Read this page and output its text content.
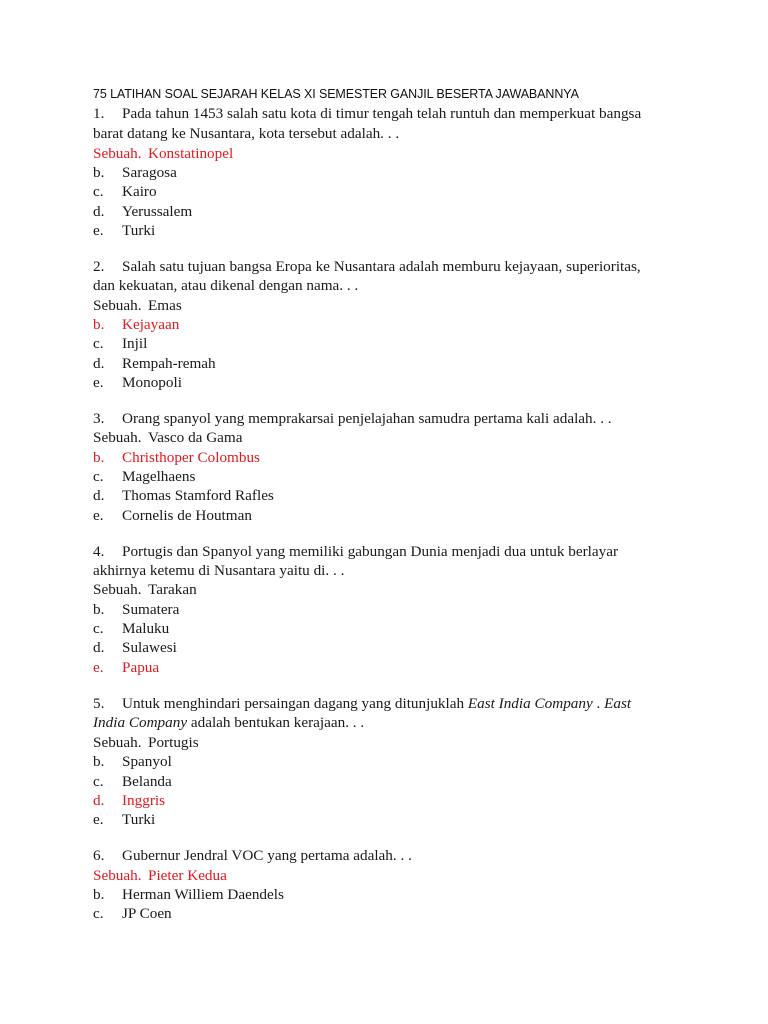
75 LATIHAN SOAL SEJARAH KELAS XI SEMESTER GANJIL BESERTA JAWABANNYA
1. Pada tahun 1453 salah satu kota di timur tengah telah runtuh dan memperkuat bangsa
barat datang ke Nusantara, kota tersebut adalah. . .
Sebuah. Konstatinopel
b. Saragosa
c. Kairo
d. Yerussalem
e. Turki
2. Salah satu tujuan bangsa Eropa ke Nusantara adalah memburu kejayaan, superioritas,
dan kekuatan, atau dikenal dengan nama. . .
Sebuah. Emas
b. Kejayaan
c. Injil
d. Rempah-remah
e. Monopoli
3. Orang spanyol yang memprakarsai penjelajahan samudra pertama kali adalah. . .
Sebuah. Vasco da Gama
b. Christhoper Colombus
c. Magelhaens
d. Thomas Stamford Rafles
e. Cornelis de Houtman
4. Portugis dan Spanyol yang memiliki gabungan Dunia menjadi dua untuk berlayar
akhirnya ketemu di Nusantara yaitu di. . .
Sebuah. Tarakan
b. Sumatera
c. Maluku
d. Sulawesi
e. Papua
5. Untuk menghindari persaingan dagang yang ditunjuklah East India Company . East
India Company adalah bentukan kerajaan. . .
Sebuah. Portugis
b. Spanyol
c. Belanda
d. Inggris
e. Turki
6. Gubernur Jendral VOC yang pertama adalah. . .
Sebuah. Pieter Kedua
b. Herman Williem Daendels
c. JP Coen
